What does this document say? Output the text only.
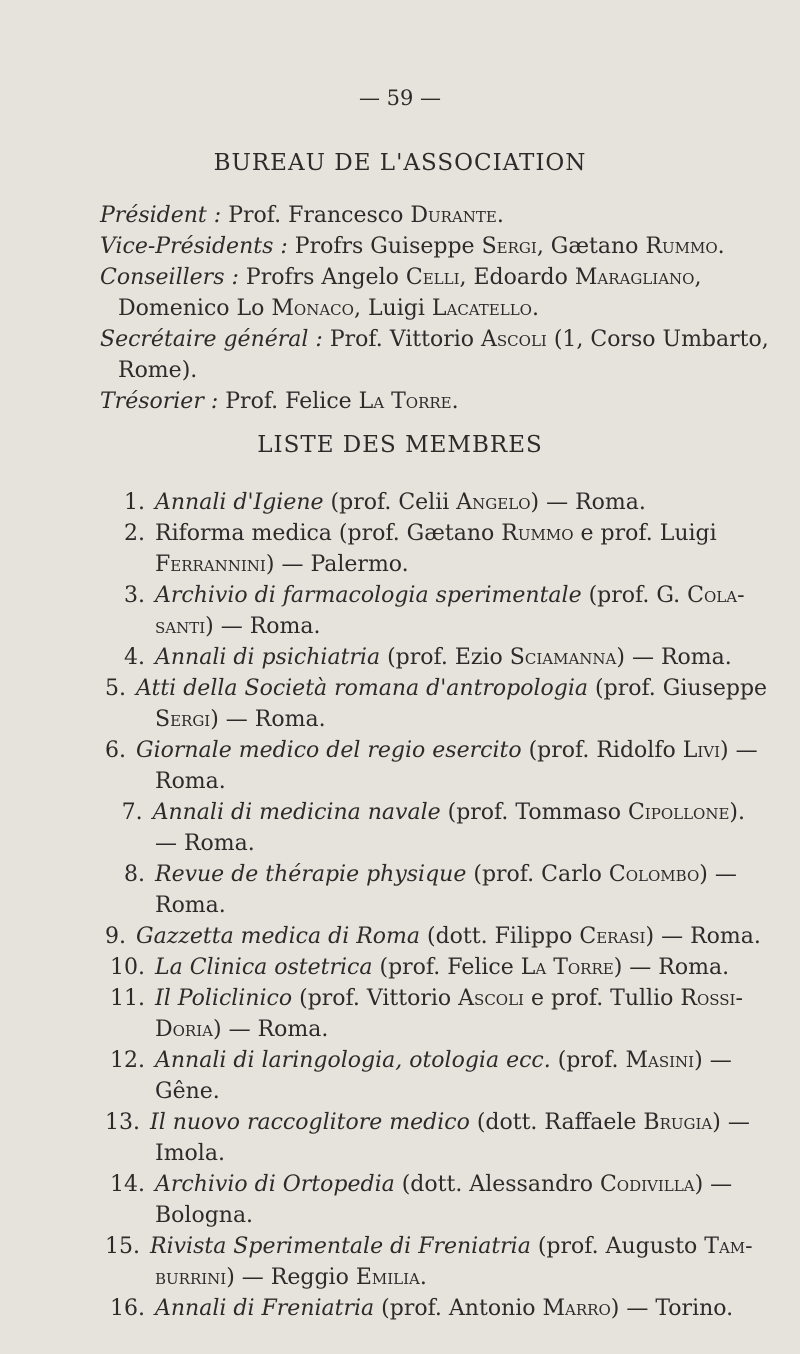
— 59 —
BUREAU DE L'ASSOCIATION
Président : Prof. Francesco Durante.
Vice-Présidents : Profrs Guiseppe Sergi, Gætano Rummo.
Conseillers : Profrs Angelo Celli, Edoardo Maragliano,
Domenico Lo Monaco, Luigi Lacatello.
Secrétaire général : Prof. Vittorio Ascoli (1, Corso Umbarto,
Rome).
Trésorier : Prof. Felice La Torre.
LISTE DES MEMBRES
1. Annali d'Igiene (prof. Celii Angelo) — Roma.
2. Riforma medica (prof. Gætano Rummo e prof. Luigi
Ferrannini) — Palermo.
3. Archivio di farmacologia sperimentale (prof. G. Cola-
santi) — Roma.
4. Annali di psichiatria (prof. Ezio Sciamanna) — Roma.
5. Atti della Società romana d'antropologia (prof. Giuseppe
Sergi) — Roma.
6. Giornale medico del regio esercito (prof. Ridolfo Livi) —
Roma.
7. Annali di medicina navale (prof. Tommaso Cipollone).
— Roma.
8. Revue de thérapie physique (prof. Carlo Colombo) —
Roma.
9. Gazzetta medica di Roma (dott. Filippo Cerasi) — Roma.
10. La Clinica ostetrica (prof. Felice La Torre) — Roma.
11. Il Policlinico (prof. Vittorio Ascoli e prof. Tullio Rossi-
Doria) — Roma.
12. Annali di laringologia, otologia ecc. (prof. Masini) —
Gêne.
13. Il nuovo raccoglitore medico (dott. Raffaele Brugia) —
Imola.
14. Archivio di Ortopedia (dott. Alessandro Codivilla) —
Bologna.
15. Rivista Sperimentale di Freniatria (prof. Augusto Tam-
burrini) — Reggio Emilia.
16. Annali di Freniatria (prof. Antonio Marro) — Torino.
